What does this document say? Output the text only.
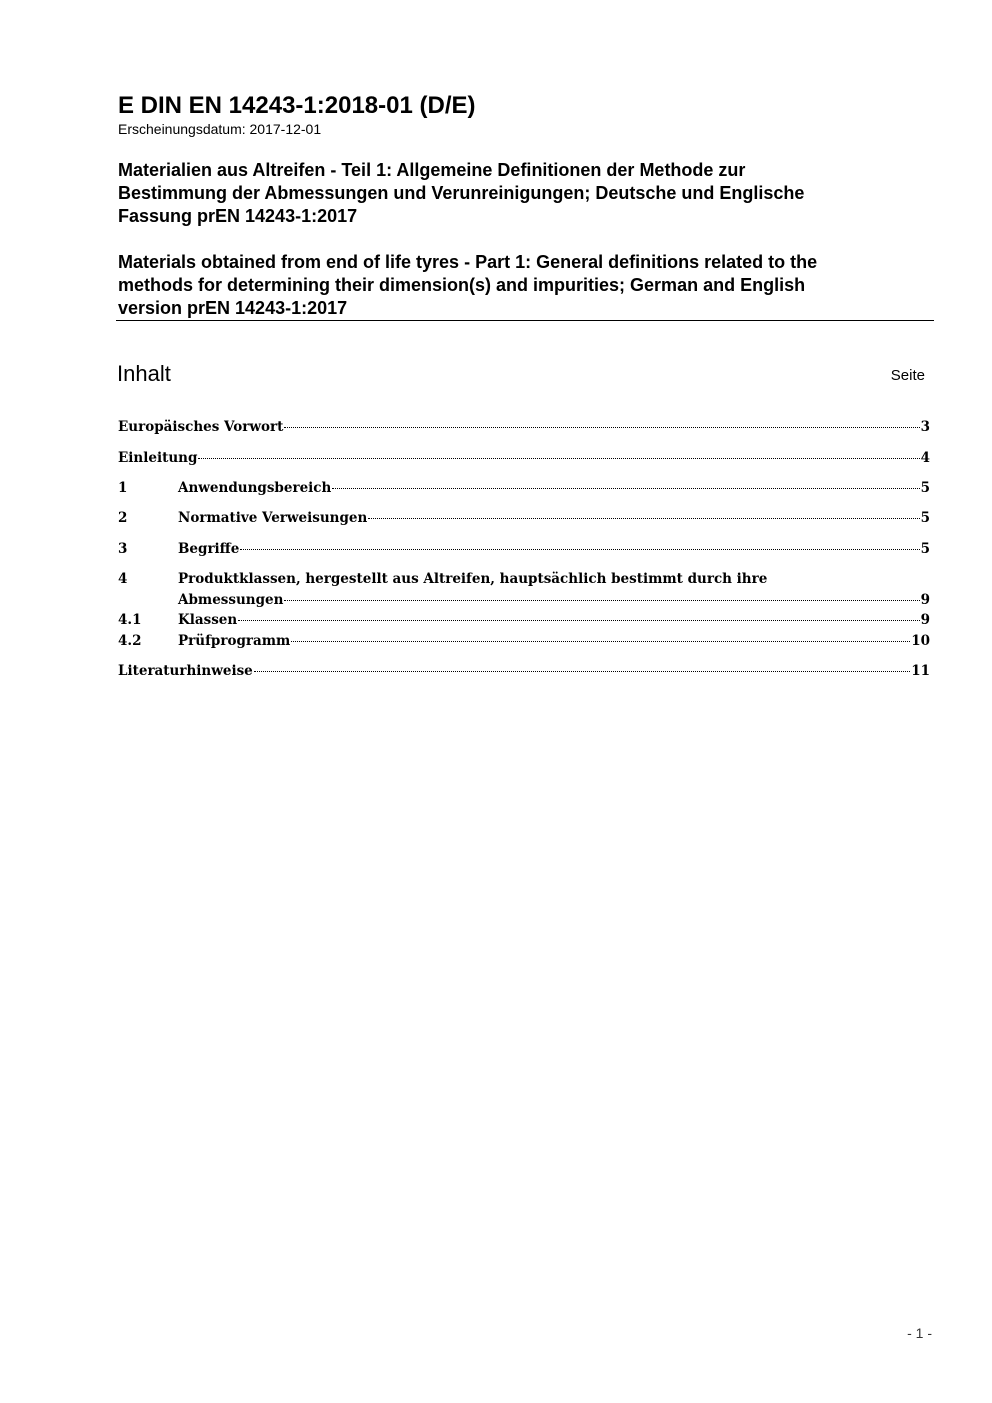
E DIN EN 14243-1:2018-01 (D/E)
Erscheinungsdatum: 2017-12-01
Materialien aus Altreifen - Teil 1: Allgemeine Definitionen der Methode zur
Bestimmung der Abmessungen und Verunreinigungen; Deutsche und Englische
Fassung prEN 14243-1:2017
Materials obtained from end of life tyres - Part 1: General definitions related to the
methods for determining their dimension(s) and impurities; German and English
version prEN 14243-1:2017
Inhalt	Seite
Europäisches Vorwort	3
Einleitung	4
1	Anwendungsbereich	5
2	Normative Verweisungen	5
3	Begriffe	5
4	Produktklassen, hergestellt aus Altreifen, hauptsächlich bestimmt durch ihre
Abmessungen	9
4.1	Klassen	9
4.2	Prüfprogramm	10
Literaturhinweise	11
- 1 -
